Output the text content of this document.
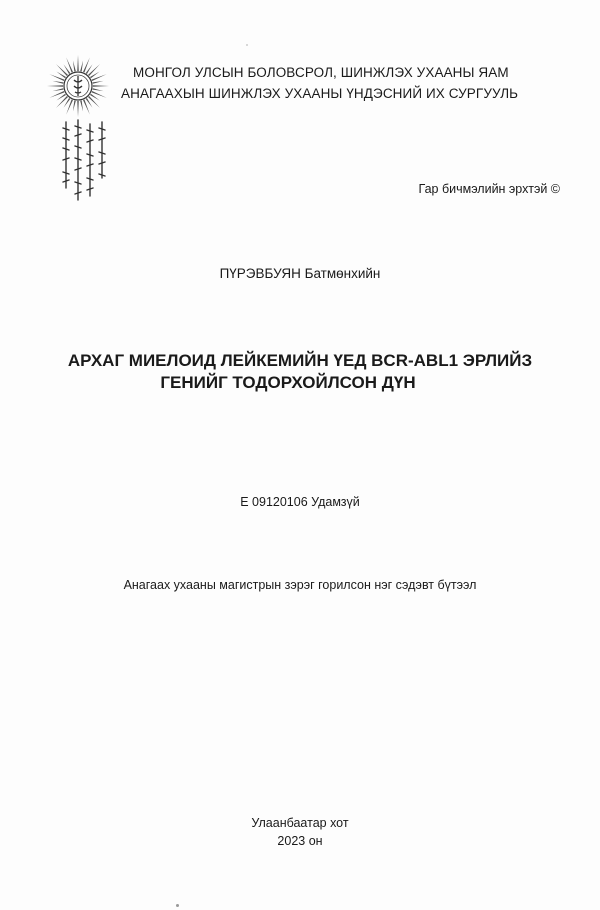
МОНГОЛ УЛСЫН БОЛОВСРОЛ, ШИНЖЛЭХ УХААНЫ ЯАМ
АНАГААХЫН ШИНЖЛЭХ УХААНЫ ҮНДЭСНИЙ ИХ СУРГУУЛЬ
Гар бичмэлийн эрхтэй ©
ПҮРЭВБУЯН Батмөнхийн
АРХАГ МИЕЛОИД ЛЕЙКЕМИЙН ҮЕД BCR-ABL1 ЭРЛИЙЗ
ГЕНИЙГ ТОДОРХОЙЛСОН ДҮН
E 09120106 Удамзүй
Анагаах ухааны магистрын зэрэг горилсон нэг сэдэвт бүтээл
Улаанбаатар хот
2023 он
